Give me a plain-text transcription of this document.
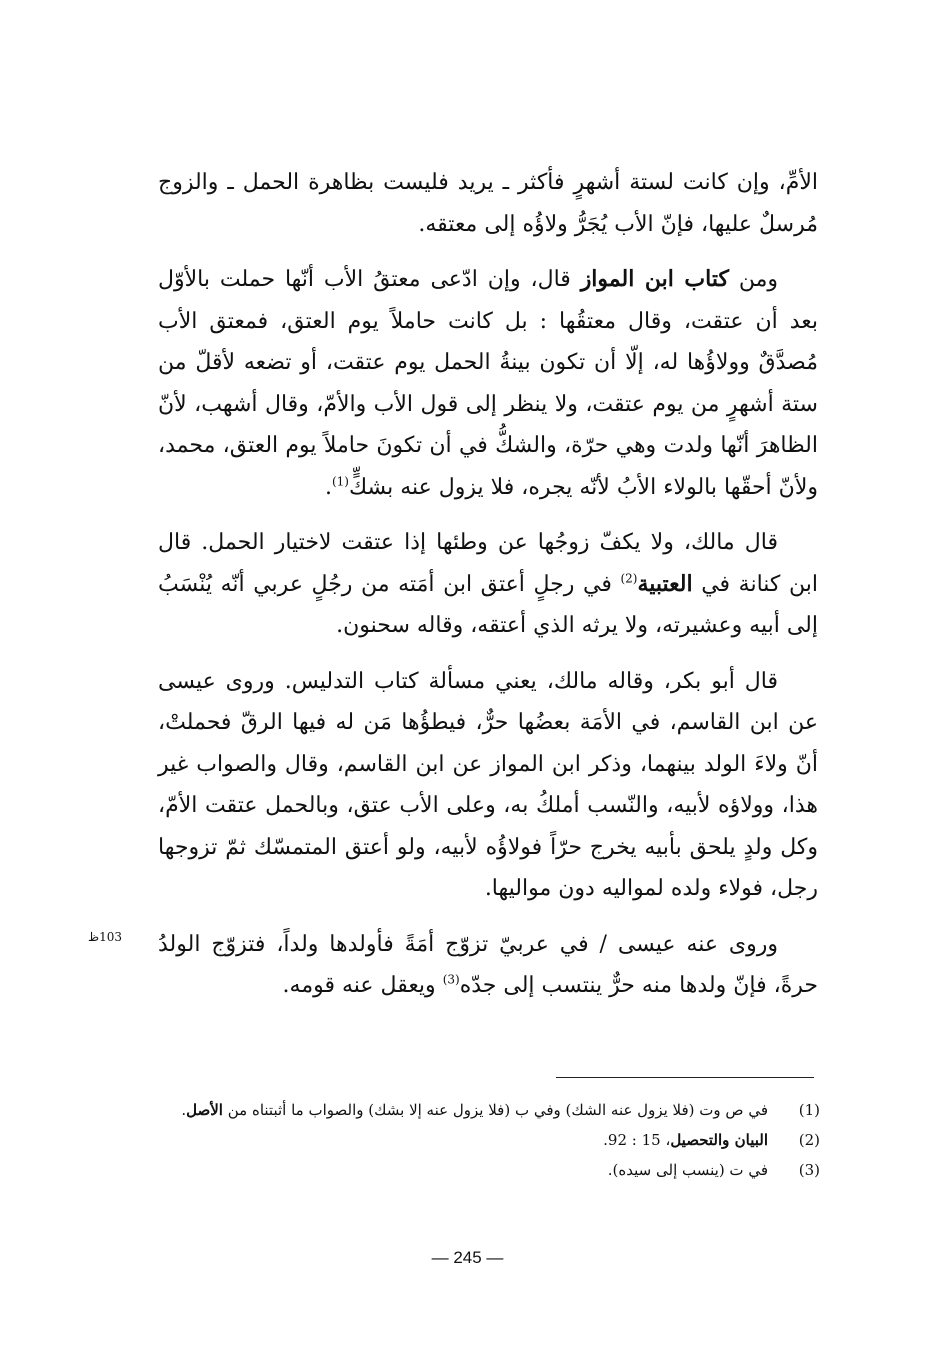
الأمِّ، وإن كانت لستة أشهرٍ فأكثر ـ يريد فليست بظاهرة الحمل ـ والزوج مُرسلٌ عليها، فإنّ الأب يُجَرُّ ولاؤُه إلى معتقه.

ومن كتاب ابن المواز قال، وإن ادّعى معتقُ الأب أنّها حملت بالأوّل بعد أن عتقت، وقال معتقُها : بل كانت حاملاً يوم العتق، فمعتق الأب مُصدَّقٌ وولاؤُها له، إلّا أن تكون بينةُ الحمل يوم عتقت، أو تضعه لأقلّ من ستة أشهرٍ من يوم عتقت، ولا ينظر إلى قول الأب والأمّ، وقال أشهب، لأنّ الظاهرَ أنّها ولدت وهي حرّة، والشكُّ في أن تكونَ حاملاً يوم العتق، محمد، ولأنّ أحقّها بالولاء الأبُ لأنّه يجره، فلا يزول عنه بشكٍّ$^{(1)}$.

قال مالك، ولا يكفّ زوجُها عن وطئها إذا عتقت لاختيار الحمل. قال ابن كنانة في العتبية$^{(2)}$ في رجلٍ أعتق ابن أمَته من رجُلٍ عربي أنّه يُنْسَبُ إلى أبيه وعشيرته، ولا يرثه الذي أعتقه، وقاله سحنون.

قال أبو بكر، وقاله مالك، يعني مسألة كتاب التدليس. وروى عيسى عن ابن القاسم، في الأمَة بعضُها حرٌّ، فيطؤُها مَن له فيها الرقّ فحملتْ، أنّ ولاءَ الولد بينهما، وذكر ابن المواز عن ابن القاسم، وقال والصواب غير هذا، وولاؤه لأبيه، والنّسب أملكُ به، وعلى الأب عتق، وبالحمل عتقت الأمّ، وكل ولدٍ يلحق بأبيه يخرج حرّاً فولاؤُه لأبيه، ولو أعتق المتمسّك ثمّ تزوجها رجل، فولاء ولده لمواليه دون مواليها.

وروى عنه عيسى / في عربيّ تزوّج أمَةً فأولدها ولداً، فتزوّج الولدُ حرةً، فإنّ ولدها منه حرٌّ ينتسب إلى جدّه$^{(3)}$ ويعقل عنه قومه.

103ظ
(1)
في ص وت (فلا يزول عنه الشك) وفي ب (فلا يزول عنه إلا بشك) والصواب ما أثبتناه من الأصل.
(2)
البيان والتحصيل، 15 : 92.
(3)
في ت (ينسب إلى سيده).
— 245 —
